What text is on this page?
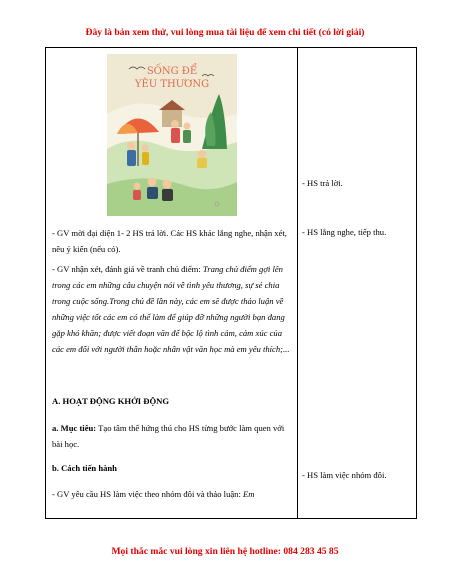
Đây là bản xem thử, vui lòng mua tài liệu để xem chi tiết (có lời giải)
SỐNG ĐỂ
YÊU THƯƠNG
- GV mời đại diện 1- 2 HS trả lời. Các HS khác lắng nghe, nhận xét, nêu ý kiến (nếu có).
- GV nhận xét, đánh giá về tranh chủ điểm: Trang chủ điểm gợi lên trong các em những câu chuyện nói về tình yêu thương, sự sẻ chia trong cuộc sống.Trong chủ đề lần này, các em sẽ được thảo luận về những việc tốt các em có thể làm để giúp đỡ những người bạn đang gặp khó khăn; được viết đoạn văn để bộc lộ tình cảm, cảm xúc của các em đối với người thân hoặc nhân vật văn học mà em yêu thích;...
A. HOẠT ĐỘNG KHỞI ĐỘNG
a. Mục tiêu: Tạo tâm thế hứng thú cho HS từng bước làm quen với bài học.
b. Cách tiến hành
- GV yêu cầu HS làm việc theo nhóm đôi và thảo luận: Em
- HS trả lời.
- HS lắng nghe, tiếp thu.
- HS làm việc nhóm đôi.
Mọi thắc mắc vui lòng xin liên hệ hotline: 084 283 45 85
